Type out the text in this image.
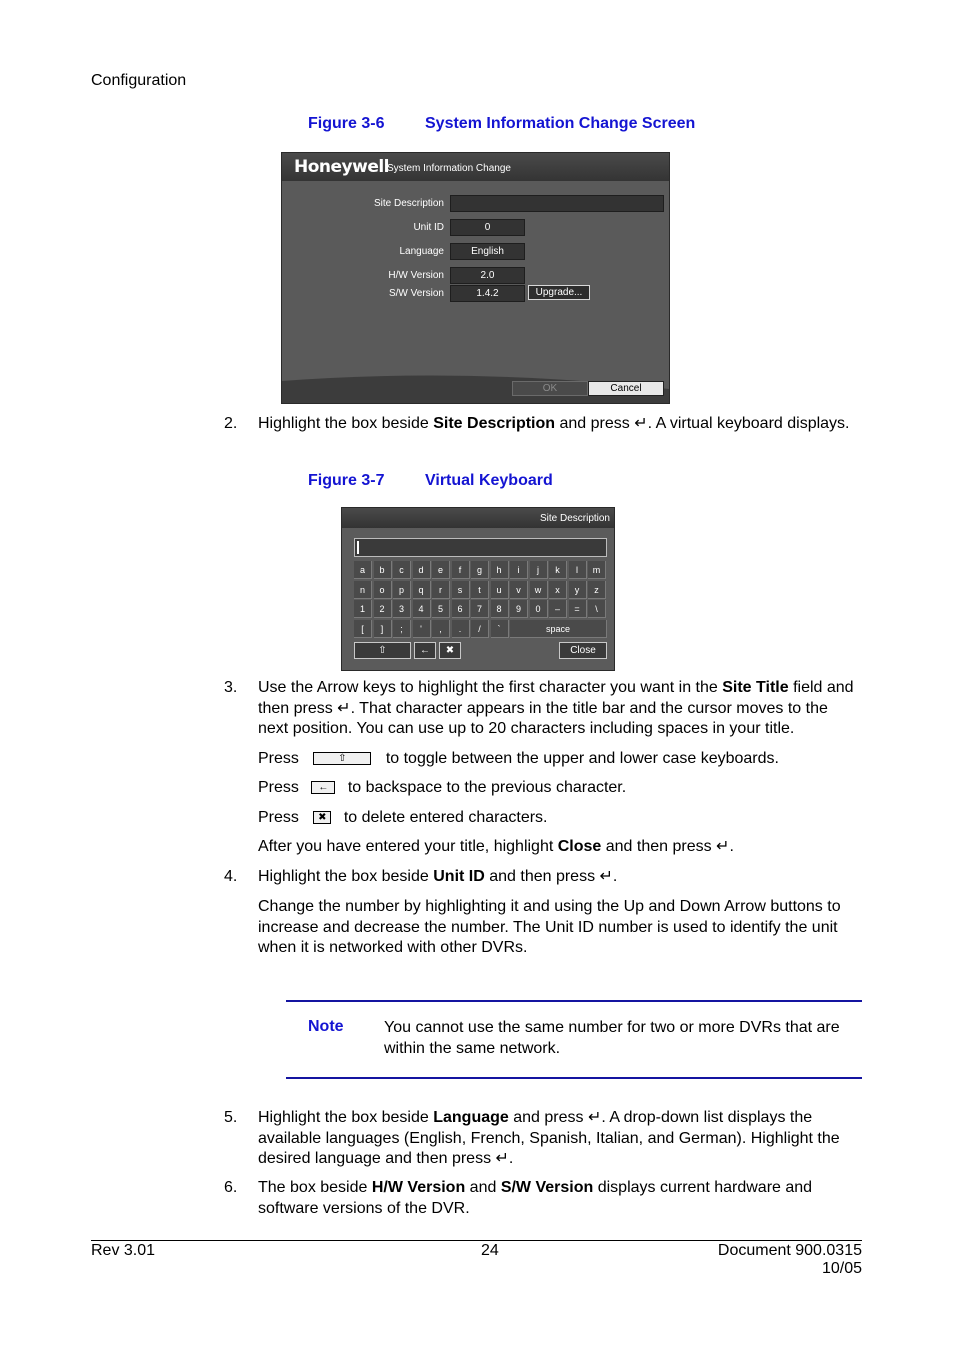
Configuration
Figure 3-6	System Information Change Screen
Honeywell
System Information Change
Site Description
Unit ID	0
Language	English
H/W Version	2.0
S/W Version	1.4.2	Upgrade...
OK	Cancel
2. Highlight the box beside Site Description and press ↵. A virtual keyboard displays.
Figure 3-7	Virtual Keyboard
Site Description
a	b	c	d	e	f	g	h	i	j	k	l	m
n	o	p	q	r	s	t	u	v	w	x	y	z
1	2	3	4	5	6	7	8	9	0	–	=	\
[	]	;	'	,	.	/	`	space
⇧	←	✖	Close
3. Use the Arrow keys to highlight the first character you want in the Site Title field and then press ↵. That character appears in the title bar and the cursor moves to the next position. You can use up to 20 characters including spaces in your title.
Press	⇧ to toggle between the upper and lower case keyboards.
Press ← to backspace to the previous character.
Press ✖ to delete entered characters.
After you have entered your title, highlight Close and then press ↵.
4. Highlight the box beside Unit ID and then press ↵.
Change the number by highlighting it and using the Up and Down Arrow buttons to increase and decrease the number. The Unit ID number is used to identify the unit when it is networked with other DVRs.
Note	You cannot use the same number for two or more DVRs that are within the same network.
5. Highlight the box beside Language and press ↵. A drop-down list displays the available languages (English, French, Spanish, Italian, and German). Highlight the desired language and then press ↵.
6. The box beside H/W Version and S/W Version displays current hardware and software versions of the DVR.
Rev 3.01	24	Document 900.0315
10/05
